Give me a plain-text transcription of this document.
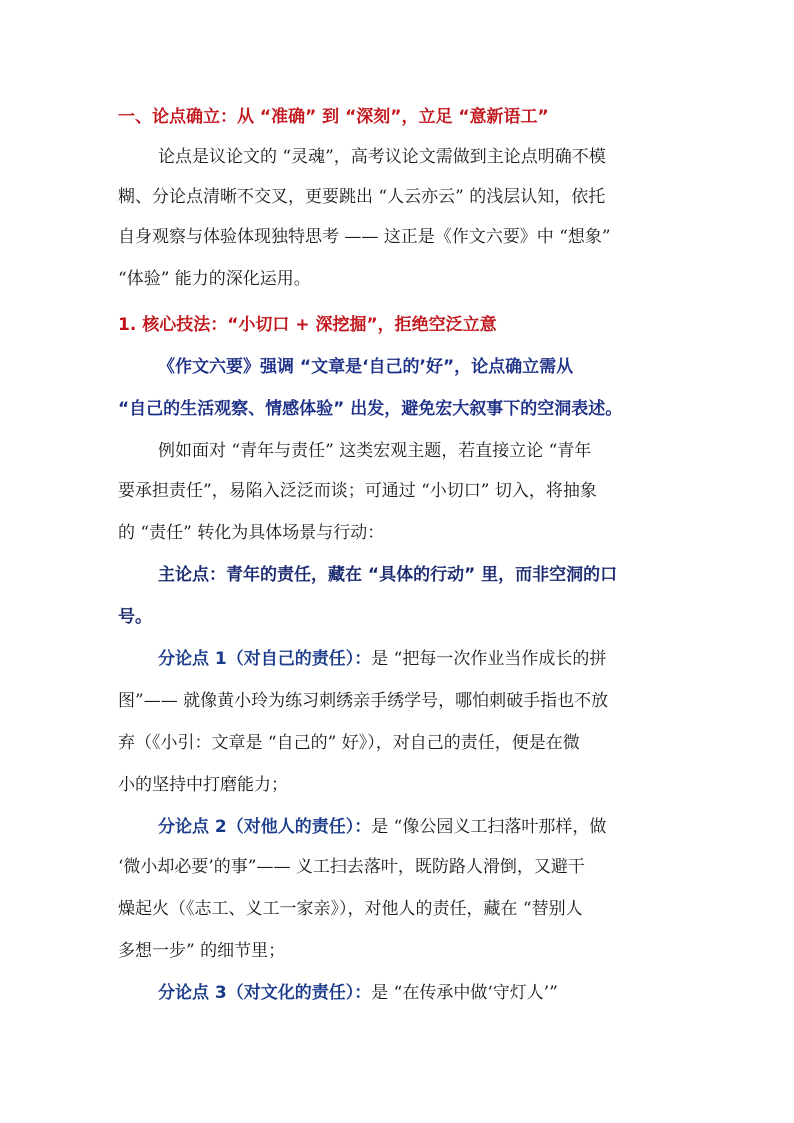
一、论点确立：从 “准确” 到 “深刻”，立足 “意新语工”
论点是议论文的 “灵魂”，高考议论文需做到主论点明确不模
糊、分论点清晰不交叉，更要跳出 “人云亦云” 的浅层认知，依托
自身观察与体验体现独特思考 —— 这正是《作文六要》中 “想象”
“体验” 能力的深化运用。
1. 核心技法：“小切口 + 深挖掘”，拒绝空泛立意
《作文六要》强调 “文章是‘自己的’好”，论点确立需从
“自己的生活观察、情感体验” 出发，避免宏大叙事下的空洞表述。
例如面对 “青年与责任” 这类宏观主题，若直接立论 “青年
要承担责任”，易陷入泛泛而谈；可通过 “小切口” 切入，将抽象
的 “责任” 转化为具体场景与行动：
主论点：青年的责任，藏在 “具体的行动” 里，而非空洞的口
号。
分论点 1（对自己的责任）：是 “把每一次作业当作成长的拼
图”—— 就像黄小玲为练习刺绣亲手绣学号，哪怕刺破手指也不放
弃（《小引：文章是 “自己的” 好》），对自己的责任，便是在微
小的坚持中打磨能力；
分论点 2（对他人的责任）：是 “像公园义工扫落叶那样，做
‘微小却必要’的事”—— 义工扫去落叶，既防路人滑倒，又避干
燥起火（《志工、义工一家亲》），对他人的责任，藏在 “替别人
多想一步” 的细节里；
分论点 3（对文化的责任）：是 “在传承中做‘守灯人’”
